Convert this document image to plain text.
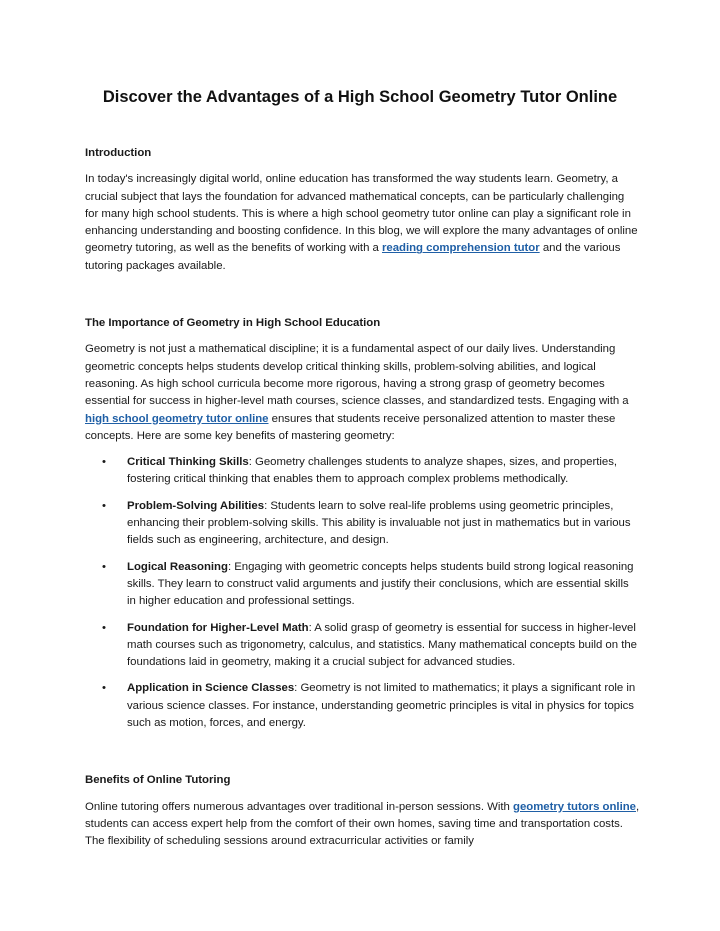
Discover the Advantages of a High School Geometry Tutor Online

Introduction

In today's increasingly digital world, online education has transformed the way students learn. Geometry, a crucial subject that lays the foundation for advanced mathematical concepts, can be particularly challenging for many high school students. This is where a high school geometry tutor online can play a significant role in enhancing understanding and boosting confidence. In this blog, we will explore the many advantages of online geometry tutoring, as well as the benefits of working with a reading comprehension tutor and the various tutoring packages available.

The Importance of Geometry in High School Education

Geometry is not just a mathematical discipline; it is a fundamental aspect of our daily lives. Understanding geometric concepts helps students develop critical thinking skills, problem-solving abilities, and logical reasoning. As high school curricula become more rigorous, having a strong grasp of geometry becomes essential for success in higher-level math courses, science classes, and standardized tests. Engaging with a high school geometry tutor online ensures that students receive personalized attention to master these concepts. Here are some key benefits of mastering geometry:

• Critical Thinking Skills: Geometry challenges students to analyze shapes, sizes, and properties, fostering critical thinking that enables them to approach complex problems methodically.

• Problem-Solving Abilities: Students learn to solve real-life problems using geometric principles, enhancing their problem-solving skills. This ability is invaluable not just in mathematics but in various fields such as engineering, architecture, and design.

• Logical Reasoning: Engaging with geometric concepts helps students build strong logical reasoning skills. They learn to construct valid arguments and justify their conclusions, which are essential skills in higher education and professional settings.

• Foundation for Higher-Level Math: A solid grasp of geometry is essential for success in higher-level math courses such as trigonometry, calculus, and statistics. Many mathematical concepts build on the foundations laid in geometry, making it a crucial subject for advanced studies.

• Application in Science Classes: Geometry is not limited to mathematics; it plays a significant role in various science classes. For instance, understanding geometric principles is vital in physics for topics such as motion, forces, and energy.

Benefits of Online Tutoring

Online tutoring offers numerous advantages over traditional in-person sessions. With geometry tutors online, students can access expert help from the comfort of their own homes, saving time and transportation costs. The flexibility of scheduling sessions around extracurricular activities or family
